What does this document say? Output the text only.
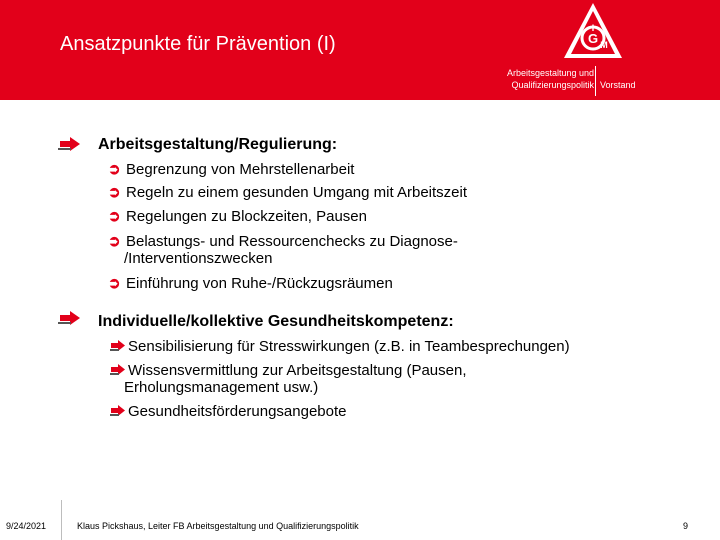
Ansatzpunkte für Prävention (I)	G
I
M
Arbeitsgestaltung und
Qualifizierungspolitik Vorstand
Arbeitsgestaltung/Regulierung:
➲ Begrenzung von Mehrstellenarbeit
➲ Regeln zu einem gesunden Umgang mit Arbeitszeit
➲ Regelungen zu Blockzeiten, Pausen
➲ Belastungs- und Ressourcenchecks zu Diagnose-
/Interventionszwecken
➲ Einführung von Ruhe-/Rückzugsräumen
Individuelle/kollektive Gesundheitskompetenz:
Sensibilisierung für Stresswirkungen (z.B. in Teambesprechungen)
Wissensvermittlung zur Arbeitsgestaltung (Pausen,
Erholungsmanagement usw.)
Gesundheitsförderungsangebote
9/24/2021	Klaus Pickshaus, Leiter FB Arbeitsgestaltung und Qualifizierungspolitik	9
